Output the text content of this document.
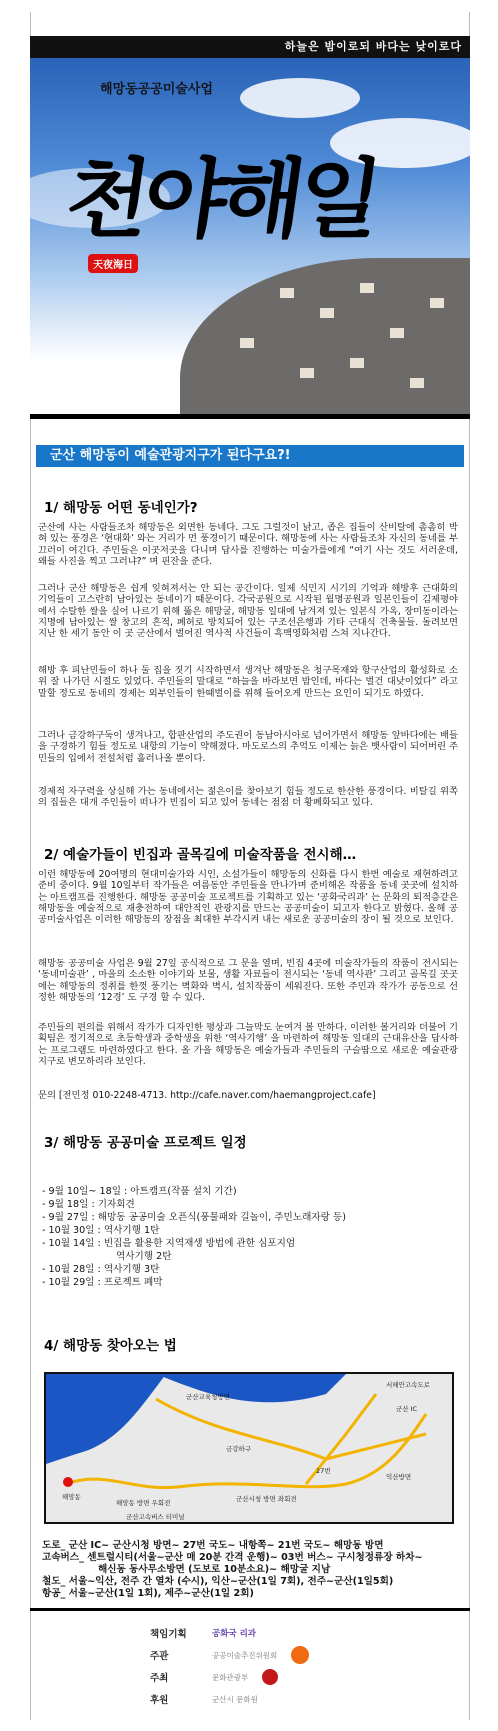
하늘은 밤이로되 바다는 낮이로다
해망동공공미술사업
천야해일
天夜海日
군산 해망동이 예술관광지구가 된다구요?!
1/ 해망동 어떤 동네인가?

군산에 사는 사람들조차 해망동은 외면한 동네다. 그도 그럴것이 낡고, 좁은 집들이 산비탈에 촘촘히 박혀 있는 풍경은 ‘현대화’ 와는 거리가 먼 풍경이기 때문이다. 해망동에 사는 사람들조차 자신의 동네를 부끄러이 여긴다. 주민들은 이곳저곳을 다니며 답사를 진행하는 미술가를에게 “여기 사는 것도 서러운데, 왜들 사진을 찍고 그러냐?” 며 핀잔을 준다.

그러나 군산 해망동은 쉽게 잊혀져서는 안 되는 공간이다. 일제 식민지 시기의 기억과 해방후 근대화의 기억들이 고스란히 남아있는 동네이기 때문이다. 각국공원으로 시작된 월명공원과 일본인들이 김제평야에서 수탈한 쌀을 실어 나르기 위해 뚫은 해망굴, 해망동 일대에 남겨져 있는 일본식 가옥, 장미동이라는 지명에 남아있는 쌀 창고의 흔적, 폐허로 방치되어 있는 구조선은행과 기타 근대식 건축물들. 돌려보면 지난 한 세기 동안 이 곳 군산에서 벌어진 역사적 사건들이 흑백영화처럼 스쳐 지나간다.

해방 후 피난민들이 하나 둘 집을 짓기 시작하면서 생겨난 해망동은 청구목재와 항구산업의 활성화로 소위 잘 나가던 시절도 있었다. 주민들의 말대로 “하늘을 바라보면 밤인데, 바다는 벌건 대낮이었다” 라고 말할 정도로 동네의 경제는 외부인들이 한때벌이를 위해 들어오게 만드는 요인이 되기도 하였다.

그러나 금강하구둑이 생겨나고, 합판산업의 주도권이 동남아시아로 넘어가면서 해망동 앞바다에는 배들을 구경하기 힘들 정도로 내항의 기능이 약해졌다. 마도로스의 추억도 이제는 늙은 뱃사람이 되어버린 주민들의 입에서 전설처럼 흘러나올 뿐이다.

경제적 자구력을 상실해 가는 동네에서는 젊은이를 찾아보기 힘들 정도로 한산한 풍경이다. 비탈길 위쪽의 집들은 대개 주인들이 떠나가 빈집이 되고 있어 동네는 점점 더 황폐화되고 있다.

2/ 예술가들이 빈집과 골목길에 미술작품을 전시해…

이런 해망동에 20여명의 현대미술가와 시인, 소설가들이 해망동의 신화를 다시 한번 예술로 재현하려고 준비 중이다. 9월 10일부터 작가들은 여름동안 주민들을 만나가며 준비해온 작품을 동네 곳곳에 설치하는 아트캠프를 진행한다. 해망동 공공미술 프로젝트를 기획하고 있는 ‘공화국리과’ 는 문화의 퇴적층같은 해망동을 예술적으로 재충전하여 대안적인 관광지를 만드는 공공미술이 되고자 한다고 밝혔다. 올해 공공미술사업은 이러한 해망동의 장점을 최대한 부각시켜 내는 새로운 공공미술의 장이 될 것으로 보인다.

해망동 공공미술 사업은 9월 27일 공식적으로 그 문을 열며, 빈집 4곳에 미술작가들의 작품이 전시되는 ‘동네미술관’ , 마을의 소소한 이야기와 보물, 생활 자료들이 전시되는 ‘동네 역사관’ 그리고 골목길 곳곳에는 해망동의 정취를 한껏 풍기는 벽화와 벽시, 설치작품이 세워진다. 또한 주민과 작가가 공동으로 선정한 해망동의 ‘12경’ 도 구경 할 수 있다.

주민들의 편의를 위해서 작가가 디자인한 평상과 그늘막도 눈여겨 볼 만하다. 이러한 볼거리와 더불어 기획팀은 정기적으로 초등학생과 중학생을 위한 ‘역사기행’ 을 마련하여 해망동 일대의 근대유산을 답사하는 프로그램도 마련하였다고 한다. 올 가을 해망동은 예술가들과 주민들의 구슬땀으로 새로운 예술관광지구로 변모하리라 보인다.

문의 [전민정 010-2248-4713. http://cafe.naver.com/haemangproject.cafe]

3/ 해망동 공공미술 프로젝트 일정
- 9월 10일~ 18일 : 아트캠프(작품 설치 기간)
- 9월 18일 : 기자회견
- 9월 27일 : 해망동 공공미술 오픈식(풍물패와 길놀이, 주민노래자랑 등)
- 10월 30일 : 역사기행 1탄
- 10월 14일 : 빈집을 활용한 지역재생 방법에 관한 심포지엄
역사기행 2탄
- 10월 28일 : 역사기행 3탄
- 10월 29일 : 프로젝트 폐막
4/ 해망동 찾아오는 법
해망동
해망동 방면 우회전
군산교육청방면
금강하구
서해안고속도로
군산 IC
27번
익산방면
군산시청 방면 좌회전
군산고속버스 터미널
도로_ 군산 IC~ 군산시청 방면~ 27번 국도~ 내항쪽~ 21번 국도~ 해망동 방면
고속버스_ 센트럴시티(서울~군산 매 20분 간격 운행)~ 03번 버스~ 구시청정류장 하차~
해신동 동사무소방면 (도보로 10분소요)~ 해망굴 지남
철도_ 서울~익산, 전주 간 열차 (수시), 익산~군산(1일 7회), 전주~군산(1일5회)
항공_ 서울~군산(1일 1회), 제주~군산(1일 2회)
책임기획	공화국 리과
주관	공공미술추진위원회
주최	문화관광부
후원	군산시 문화원
